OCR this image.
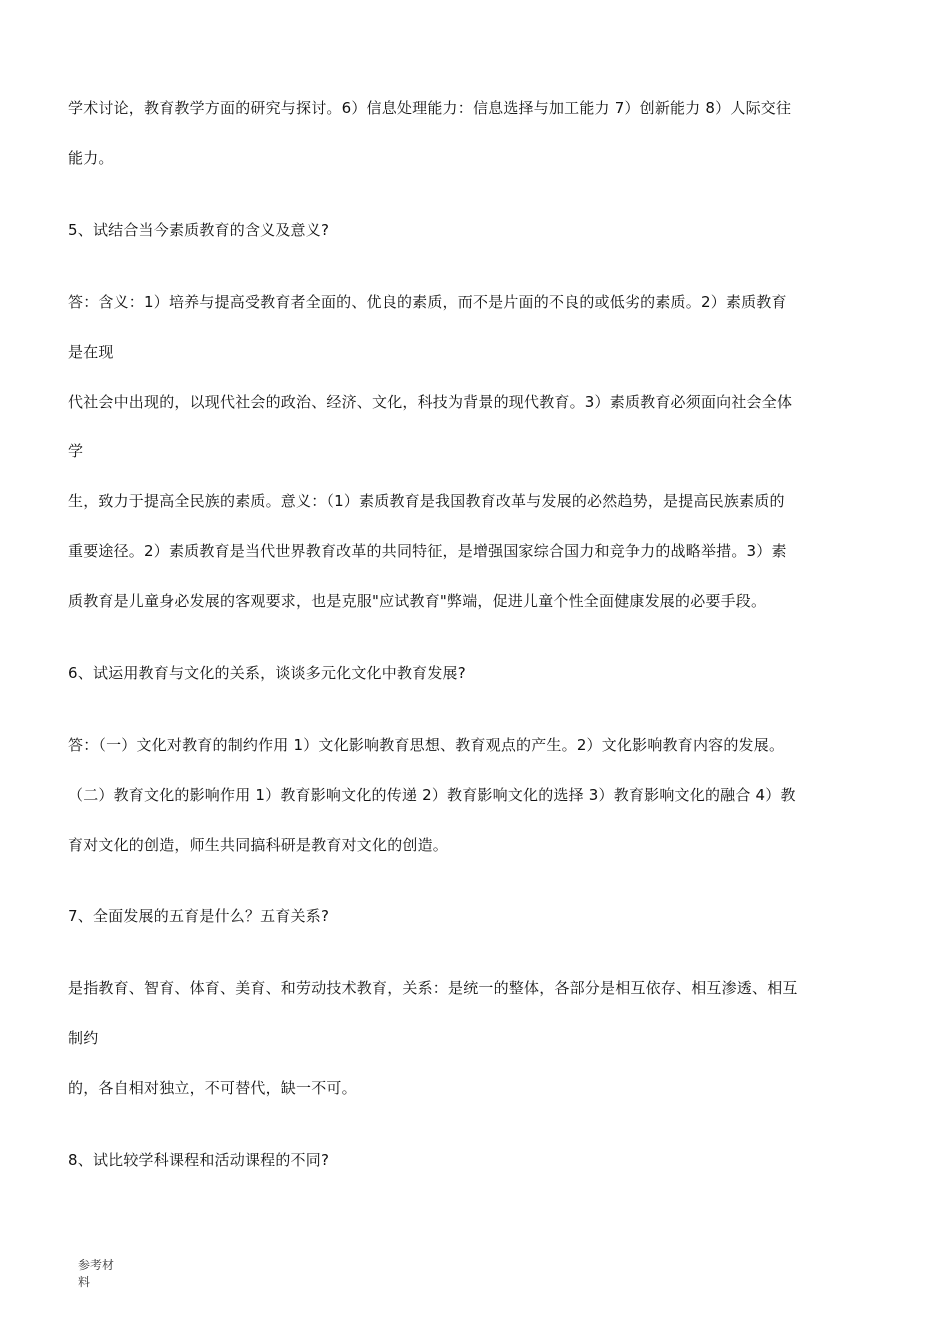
学术讨论，教育教学方面的研究与探讨。6）信息处理能力：信息选择与加工能力 7）创新能力 8）人际交往
能力。
5、试结合当今素质教育的含义及意义?
答：含义：1）培养与提高受教育者全面的、优良的素质，而不是片面的不良的或低劣的素质。2）素质教育
是在现
代社会中出现的，以现代社会的政治、经济、文化，科技为背景的现代教育。3）素质教育必须面向社会全体
学
生，致力于提高全民族的素质。意义：（1）素质教育是我国教育改革与发展的必然趋势，是提高民族素质的
重要途径。2）素质教育是当代世界教育改革的共同特征，是增强国家综合国力和竞争力的战略举措。3）素
质教育是儿童身必发展的客观要求，也是克服"应试教育"弊端，促进儿童个性全面健康发展的必要手段。
6、试运用教育与文化的关系，谈谈多元化文化中教育发展?
答：（一）文化对教育的制约作用 1）文化影响教育思想、教育观点的产生。2）文化影响教育内容的发展。
（二）教育文化的影响作用 1）教育影响文化的传递 2）教育影响文化的选择 3）教育影响文化的融合 4）教
育对文化的创造，师生共同搞科研是教育对文化的创造。
7、全面发展的五育是什么？五育关系?
是指教育、智育、体育、美育、和劳动技术教育，关系：是统一的整体，各部分是相互依存、相互渗透、相互
制约
的，各自相对独立，不可替代，缺一不可。
8、试比较学科课程和活动课程的不同?
参考材
料
